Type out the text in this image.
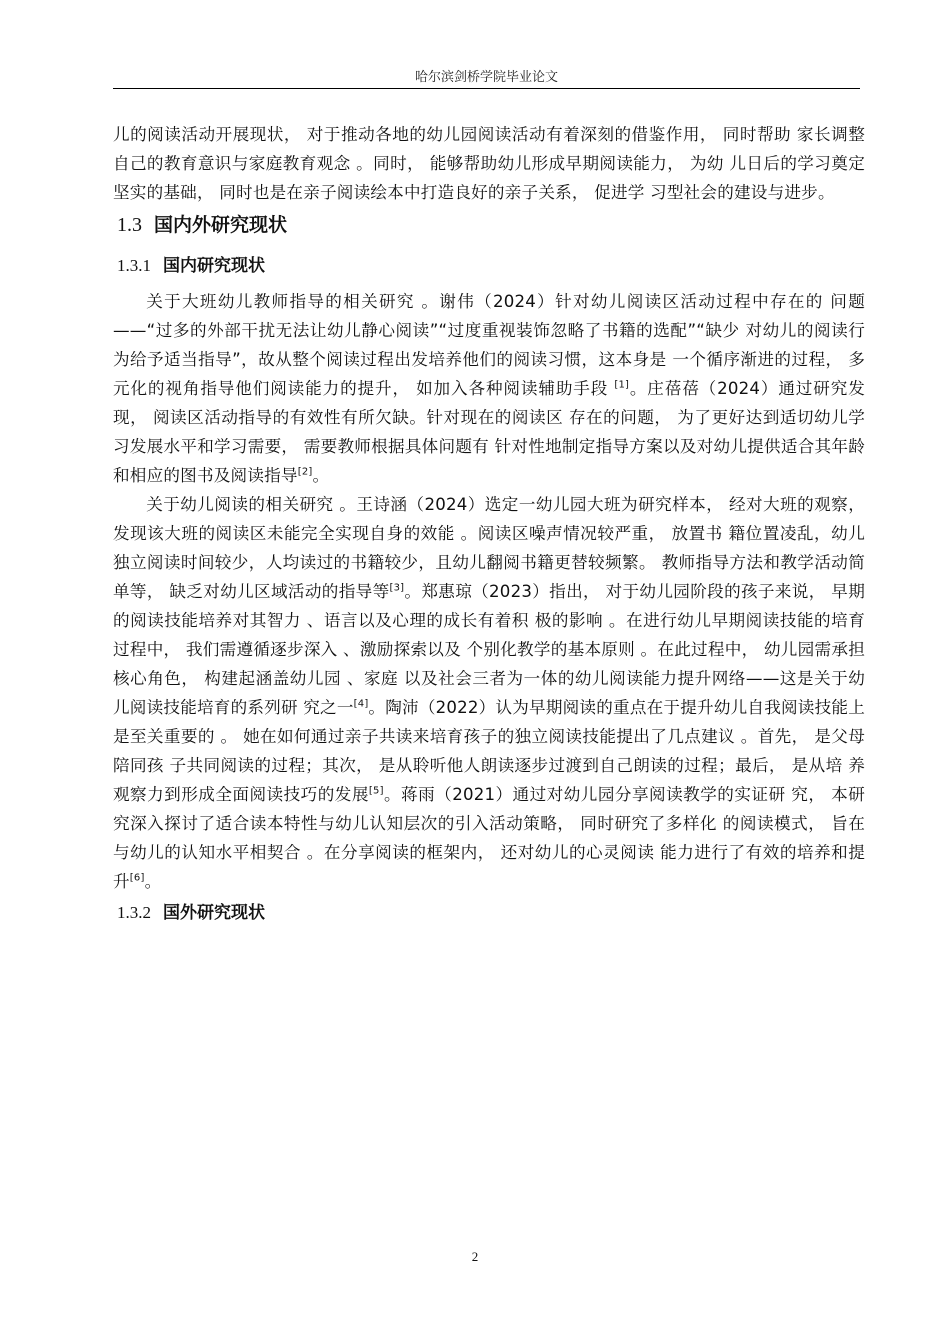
哈尔滨剑桥学院毕业论文

儿的阅读活动开展现状， 对于推动各地的幼儿园阅读活动有着深刻的借鉴作用， 同时帮助 家长调整自己的教育意识与家庭教育观念 。同时， 能够帮助幼儿形成早期阅读能力， 为幼 儿日后的学习奠定坚实的基础， 同时也是在亲子阅读绘本中打造良好的亲子关系， 促进学 习型社会的建设与进步。

1.3 国内外研究现状
1.3.1 国内研究现状

关于大班幼儿教师指导的相关研究 。谢伟（2024）针对幼儿阅读区活动过程中存在的 问题——“过多的外部干扰无法让幼儿静心阅读”“过度重视装饰忽略了书籍的选配”“缺少 对幼儿的阅读行为给予适当指导”，故从整个阅读过程出发培养他们的阅读习惯，这本身是 一个循序渐进的过程， 多元化的视角指导他们阅读能力的提升， 如加入各种阅读辅助手段 [1]。庄蓓蓓（2024）通过研究发现， 阅读区活动指导的有效性有所欠缺。针对现在的阅读区 存在的问题， 为了更好达到适切幼儿学习发展水平和学习需要， 需要教师根据具体问题有 针对性地制定指导方案以及对幼儿提供适合其年龄和相应的图书及阅读指导[2]。

关于幼儿阅读的相关研究 。王诗涵（2024）选定一幼儿园大班为研究样本， 经对大班的观察， 发现该大班的阅读区未能完全实现自身的效能 。阅读区噪声情况较严重， 放置书 籍位置凌乱，幼儿独立阅读时间较少，人均读过的书籍较少，且幼儿翻阅书籍更替较频繁。 教师指导方法和教学活动简单等， 缺乏对幼儿区域活动的指导等[3]。郑惠琼（2023）指出， 对于幼儿园阶段的孩子来说， 早期的阅读技能培养对其智力 、语言以及心理的成长有着积 极的影响 。在进行幼儿早期阅读技能的培育过程中， 我们需遵循逐步深入 、激励探索以及 个别化教学的基本原则 。在此过程中， 幼儿园需承担核心角色， 构建起涵盖幼儿园 、家庭 以及社会三者为一体的幼儿阅读能力提升网络——这是关于幼儿阅读技能培育的系列研 究之一[4]。陶沛（2022）认为早期阅读的重点在于提升幼儿自我阅读技能上是至关重要的 。 她在如何通过亲子共读来培育孩子的独立阅读技能提出了几点建议 。首先， 是父母陪同孩 子共同阅读的过程；其次， 是从聆听他人朗读逐步过渡到自己朗读的过程；最后， 是从培 养观察力到形成全面阅读技巧的发展[5]。蒋雨（2021）通过对幼儿园分享阅读教学的实证研 究， 本研究深入探讨了适合读本特性与幼儿认知层次的引入活动策略， 同时研究了多样化 的阅读模式， 旨在与幼儿的认知水平相契合 。在分享阅读的框架内， 还对幼儿的心灵阅读 能力进行了有效的培养和提升[6]。

1.3.2 国外研究现状
2
